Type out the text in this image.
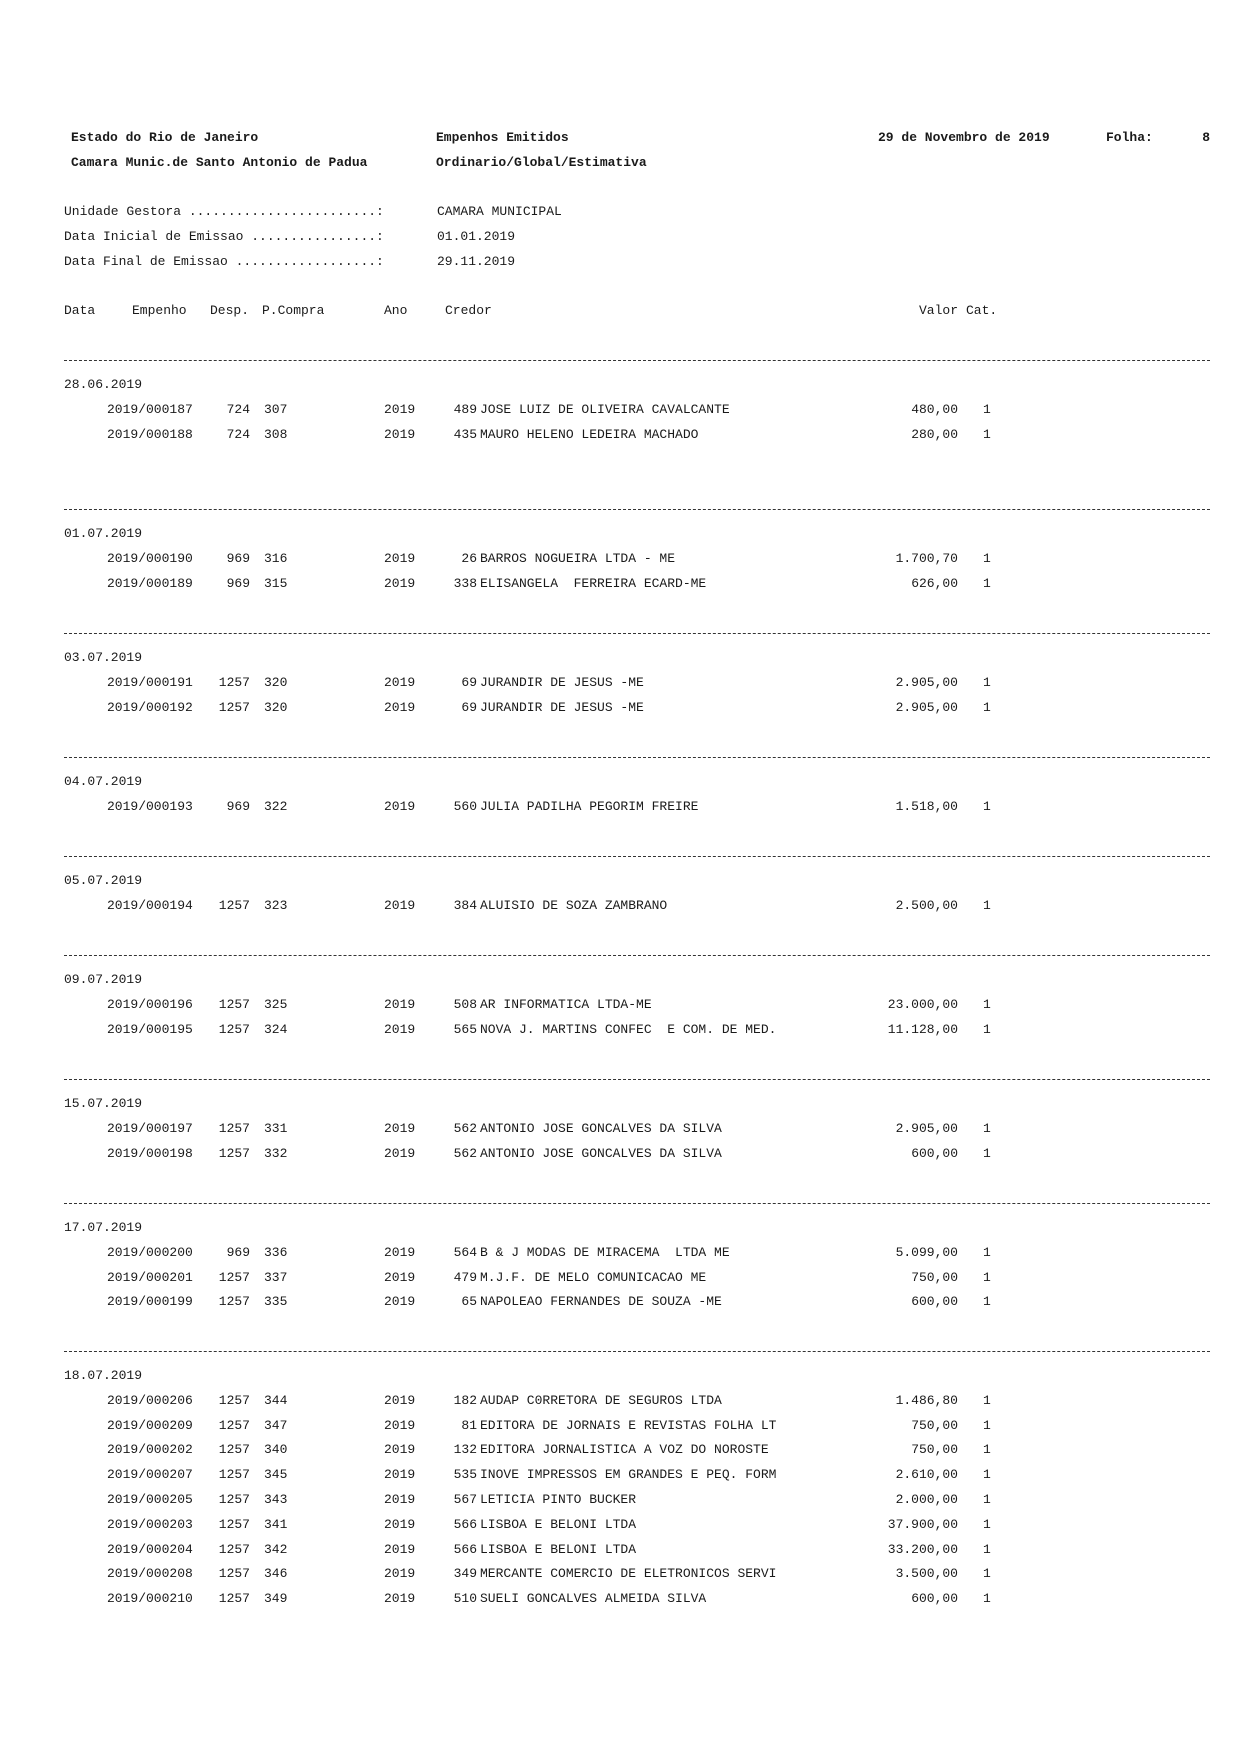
Estado do Rio de Janeiro
Camara Munic.de Santo Antonio de Padua
Empenhos Emitidos
Ordinario/Global/Estimativa
29 de Novembro de 2019	Folha:	8
Unidade Gestora ........................:	CAMARA MUNICIPAL
Data Inicial de Emissao ................:	01.01.2019
Data Final de Emissao ..................:	29.11.2019
Data	Empenho Desp. P.Compra	Ano	Credor	Valor Cat.
28.06.2019
2019/000187	724 307	2019	489 JOSE LUIZ DE OLIVEIRA CAVALCANTE	480,00 1
2019/000188	724 308	2019	435 MAURO HELENO LEDEIRA MACHADO	280,00 1
01.07.2019
2019/000190	969 316	2019	26 BARROS NOGUEIRA LTDA - ME	1.700,70 1
2019/000189	969 315	2019	338 ELISANGELA  FERREIRA ECARD-ME	626,00 1
03.07.2019
2019/000191	1257 320	2019	69 JURANDIR DE JESUS -ME	2.905,00 1
2019/000192	1257 320	2019	69 JURANDIR DE JESUS -ME	2.905,00 1
04.07.2019
2019/000193	969 322	2019	560 JULIA PADILHA PEGORIM FREIRE	1.518,00 1
05.07.2019
2019/000194	1257 323	2019	384 ALUISIO DE SOZA ZAMBRANO	2.500,00 1
09.07.2019
2019/000196	1257 325	2019	508 AR INFORMATICA LTDA-ME	23.000,00 1
2019/000195	1257 324	2019	565 NOVA J. MARTINS CONFEC  E COM. DE MED.	11.128,00 1
15.07.2019
2019/000197	1257 331	2019	562 ANTONIO JOSE GONCALVES DA SILVA	2.905,00 1
2019/000198	1257 332	2019	562 ANTONIO JOSE GONCALVES DA SILVA	600,00 1
17.07.2019
2019/000200	969 336	2019	564 B & J MODAS DE MIRACEMA  LTDA ME	5.099,00 1
2019/000201	1257 337	2019	479 M.J.F. DE MELO COMUNICACAO ME	750,00 1
2019/000199	1257 335	2019	65 NAPOLEAO FERNANDES DE SOUZA -ME	600,00 1
18.07.2019
2019/000206	1257 344	2019	182 AUDAP C0RRETORA DE SEGUROS LTDA	1.486,80 1
2019/000209	1257 347	2019	81 EDITORA DE JORNAIS E REVISTAS FOLHA LT	750,00 1
2019/000202	1257 340	2019	132 EDITORA JORNALISTICA A VOZ DO NOROSTE	750,00 1
2019/000207	1257 345	2019	535 INOVE IMPRESSOS EM GRANDES E PEQ. FORM	2.610,00 1
2019/000205	1257 343	2019	567 LETICIA PINTO BUCKER	2.000,00 1
2019/000203	1257 341	2019	566 LISBOA E BELONI LTDA	37.900,00 1
2019/000204	1257 342	2019	566 LISBOA E BELONI LTDA	33.200,00 1
2019/000208	1257 346	2019	349 MERCANTE COMERCIO DE ELETRONICOS SERVI	3.500,00 1
2019/000210	1257 349	2019	510 SUELI GONCALVES ALMEIDA SILVA	600,00 1
